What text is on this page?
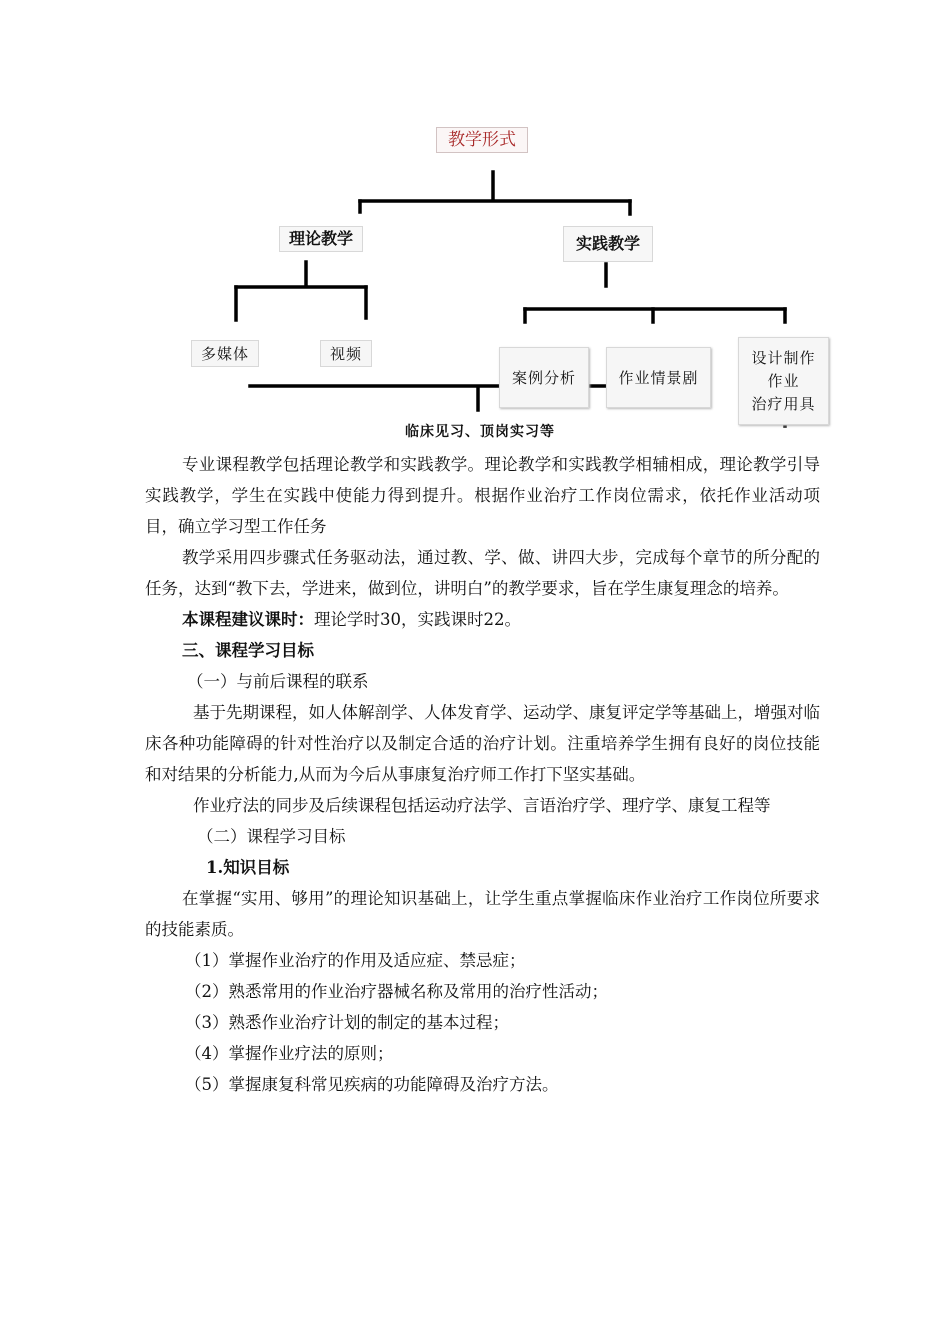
教学形式
理论教学	实践教学
多媒体	视频
案例分析	作业情景剧
设计制作
作业
治疗用具
临床见习、顶岗实习等

专业课程教学包括理论教学和实践教学。理论教学和实践教学相辅相成，理论教学引导实践教学，学生在实践中使能力得到提升。根据作业治疗工作岗位需求，依托作业活动项目，确立学习型工作任务

教学采用四步骤式任务驱动法，通过教、学、做、讲四大步，完成每个章节的所分配的任务，达到“教下去，学进来，做到位，讲明白”的教学要求，旨在学生康复理念的培养。

本课程建议课时：理论学时30，实践课时22。

三、课程学习目标

（一）与前后课程的联系

基于先期课程，如人体解剖学、人体发育学、运动学、康复评定学等基础上，增强对临床各种功能障碍的针对性治疗以及制定合适的治疗计划。注重培养学生拥有良好的岗位技能和对结果的分析能力,从而为今后从事康复治疗师工作打下坚实基础。

作业疗法的同步及后续课程包括运动疗法学、言语治疗学、理疗学、康复工程等

（二）课程学习目标

1.知识目标

在掌握“实用、够用”的理论知识基础上，让学生重点掌握临床作业治疗工作岗位所要求的技能素质。

（1）掌握作业治疗的作用及适应症、禁忌症；

（2）熟悉常用的作业治疗器械名称及常用的治疗性活动；

（3）熟悉作业治疗计划的制定的基本过程；

（4）掌握作业疗法的原则；

（5）掌握康复科常见疾病的功能障碍及治疗方法。
